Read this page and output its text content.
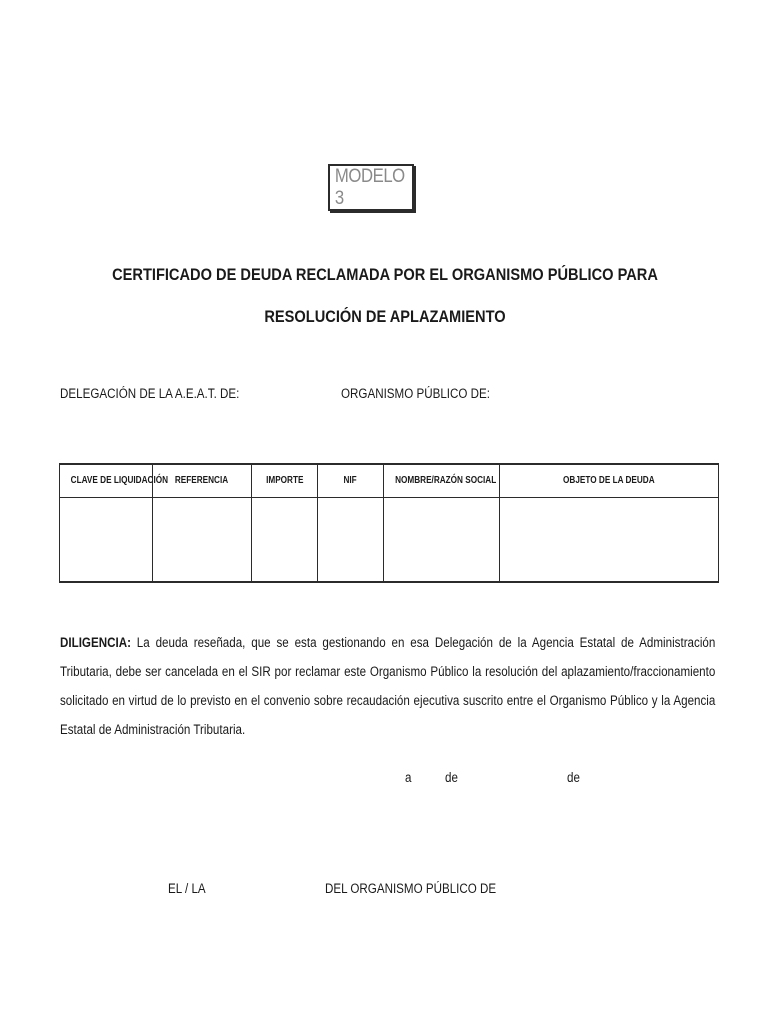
MODELO 3
CERTIFICADO DE DEUDA RECLAMADA POR EL ORGANISMO PÚBLICO PARA
RESOLUCIÓN DE APLAZAMIENTO
DELEGACIÓN DE LA A.E.A.T. DE:	ORGANISMO PÚBLICO DE:
CLAVE DE LIQUIDACIÓN	REFERENCIA	IMPORTE	NIF	NOMBRE/RAZÓN SOCIAL	OBJETO DE LA DEUDA

DILIGENCIA: La deuda reseñada, que se esta gestionando en esa Delegación de la Agencia Estatal de Administración Tributaria, debe ser cancelada en el SIR por reclamar este Organismo Público la resolución del aplazamiento/fraccionamiento solicitado en virtud de lo previsto en el convenio sobre recaudación ejecutiva suscrito entre el Organismo Público y la Agencia Estatal de Administración Tributaria.
a de	de
EL / LA	DEL ORGANISMO PÚBLICO DE
